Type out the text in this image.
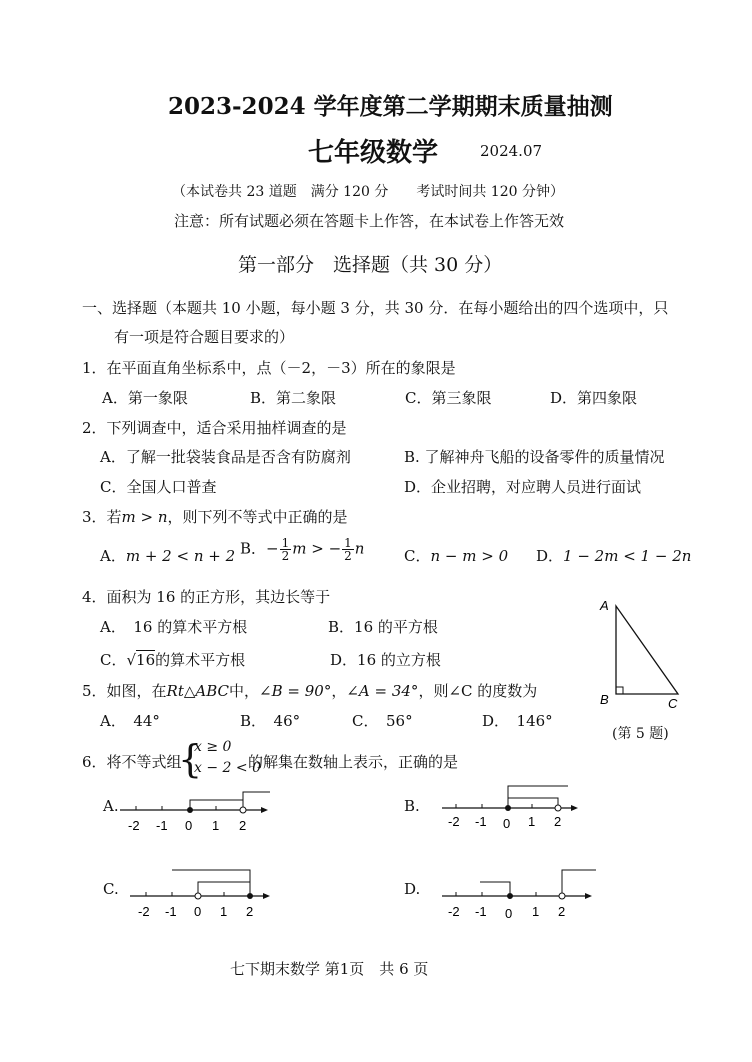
2023-2024 学年度第二学期期末质量抽测
七年级数学	2024.07
（本试卷共 23 道题　满分 120 分　　考试时间共 120 分钟）
注意：所有试题必须在答题卡上作答，在本试卷上作答无效
第一部分　选择题（共 30 分）
一、选择题（本题共 10 小题，每小题 3 分，共 30 分．在每小题给出的四个选项中，只
有一项是符合题目要求的）
1．在平面直角坐标系中，点（－2，－3）所在的象限是
A．第一象限	B．第二象限	C．第三象限	D．第四象限
2．下列调查中，适合采用抽样调查的是
A．了解一批袋装食品是否含有防腐剂	B. 了解神舟飞船的设备零件的质量情况
C．全国人口普查	D．企业招聘，对应聘人员进行面试
3．若m > n，则下列不等式中正确的是
A．m + 2 < n + 2 B．− $\frac{1}{2}$ m > − $\frac{1}{2}$ n	C．n − m > 0 D．1 − 2m < 1 − 2n
4．面积为 16 的正方形，其边长等于
A．　16 的算术平方根	B．16 的平方根
C．√16的算术平方根	D．16 的立方根
5．如图，在Rt△ABC中，∠B = 90°，∠A = 34°，则∠C 的度数为
A．　44°	B．　46°	C．　56°	D．　146°
A
B	C
(第 5 题)
6．将不等式组
{
x ≥ 0
x − 2 < 0
的解集在数轴上表示，正确的是
A.	B.
C.	D.
-2 -1 0 1 2	-2 -1 0 1 2
-2 -1 0 1 2	-2 -1 0 1 2
七下期末数学 第1页　共 6 页
